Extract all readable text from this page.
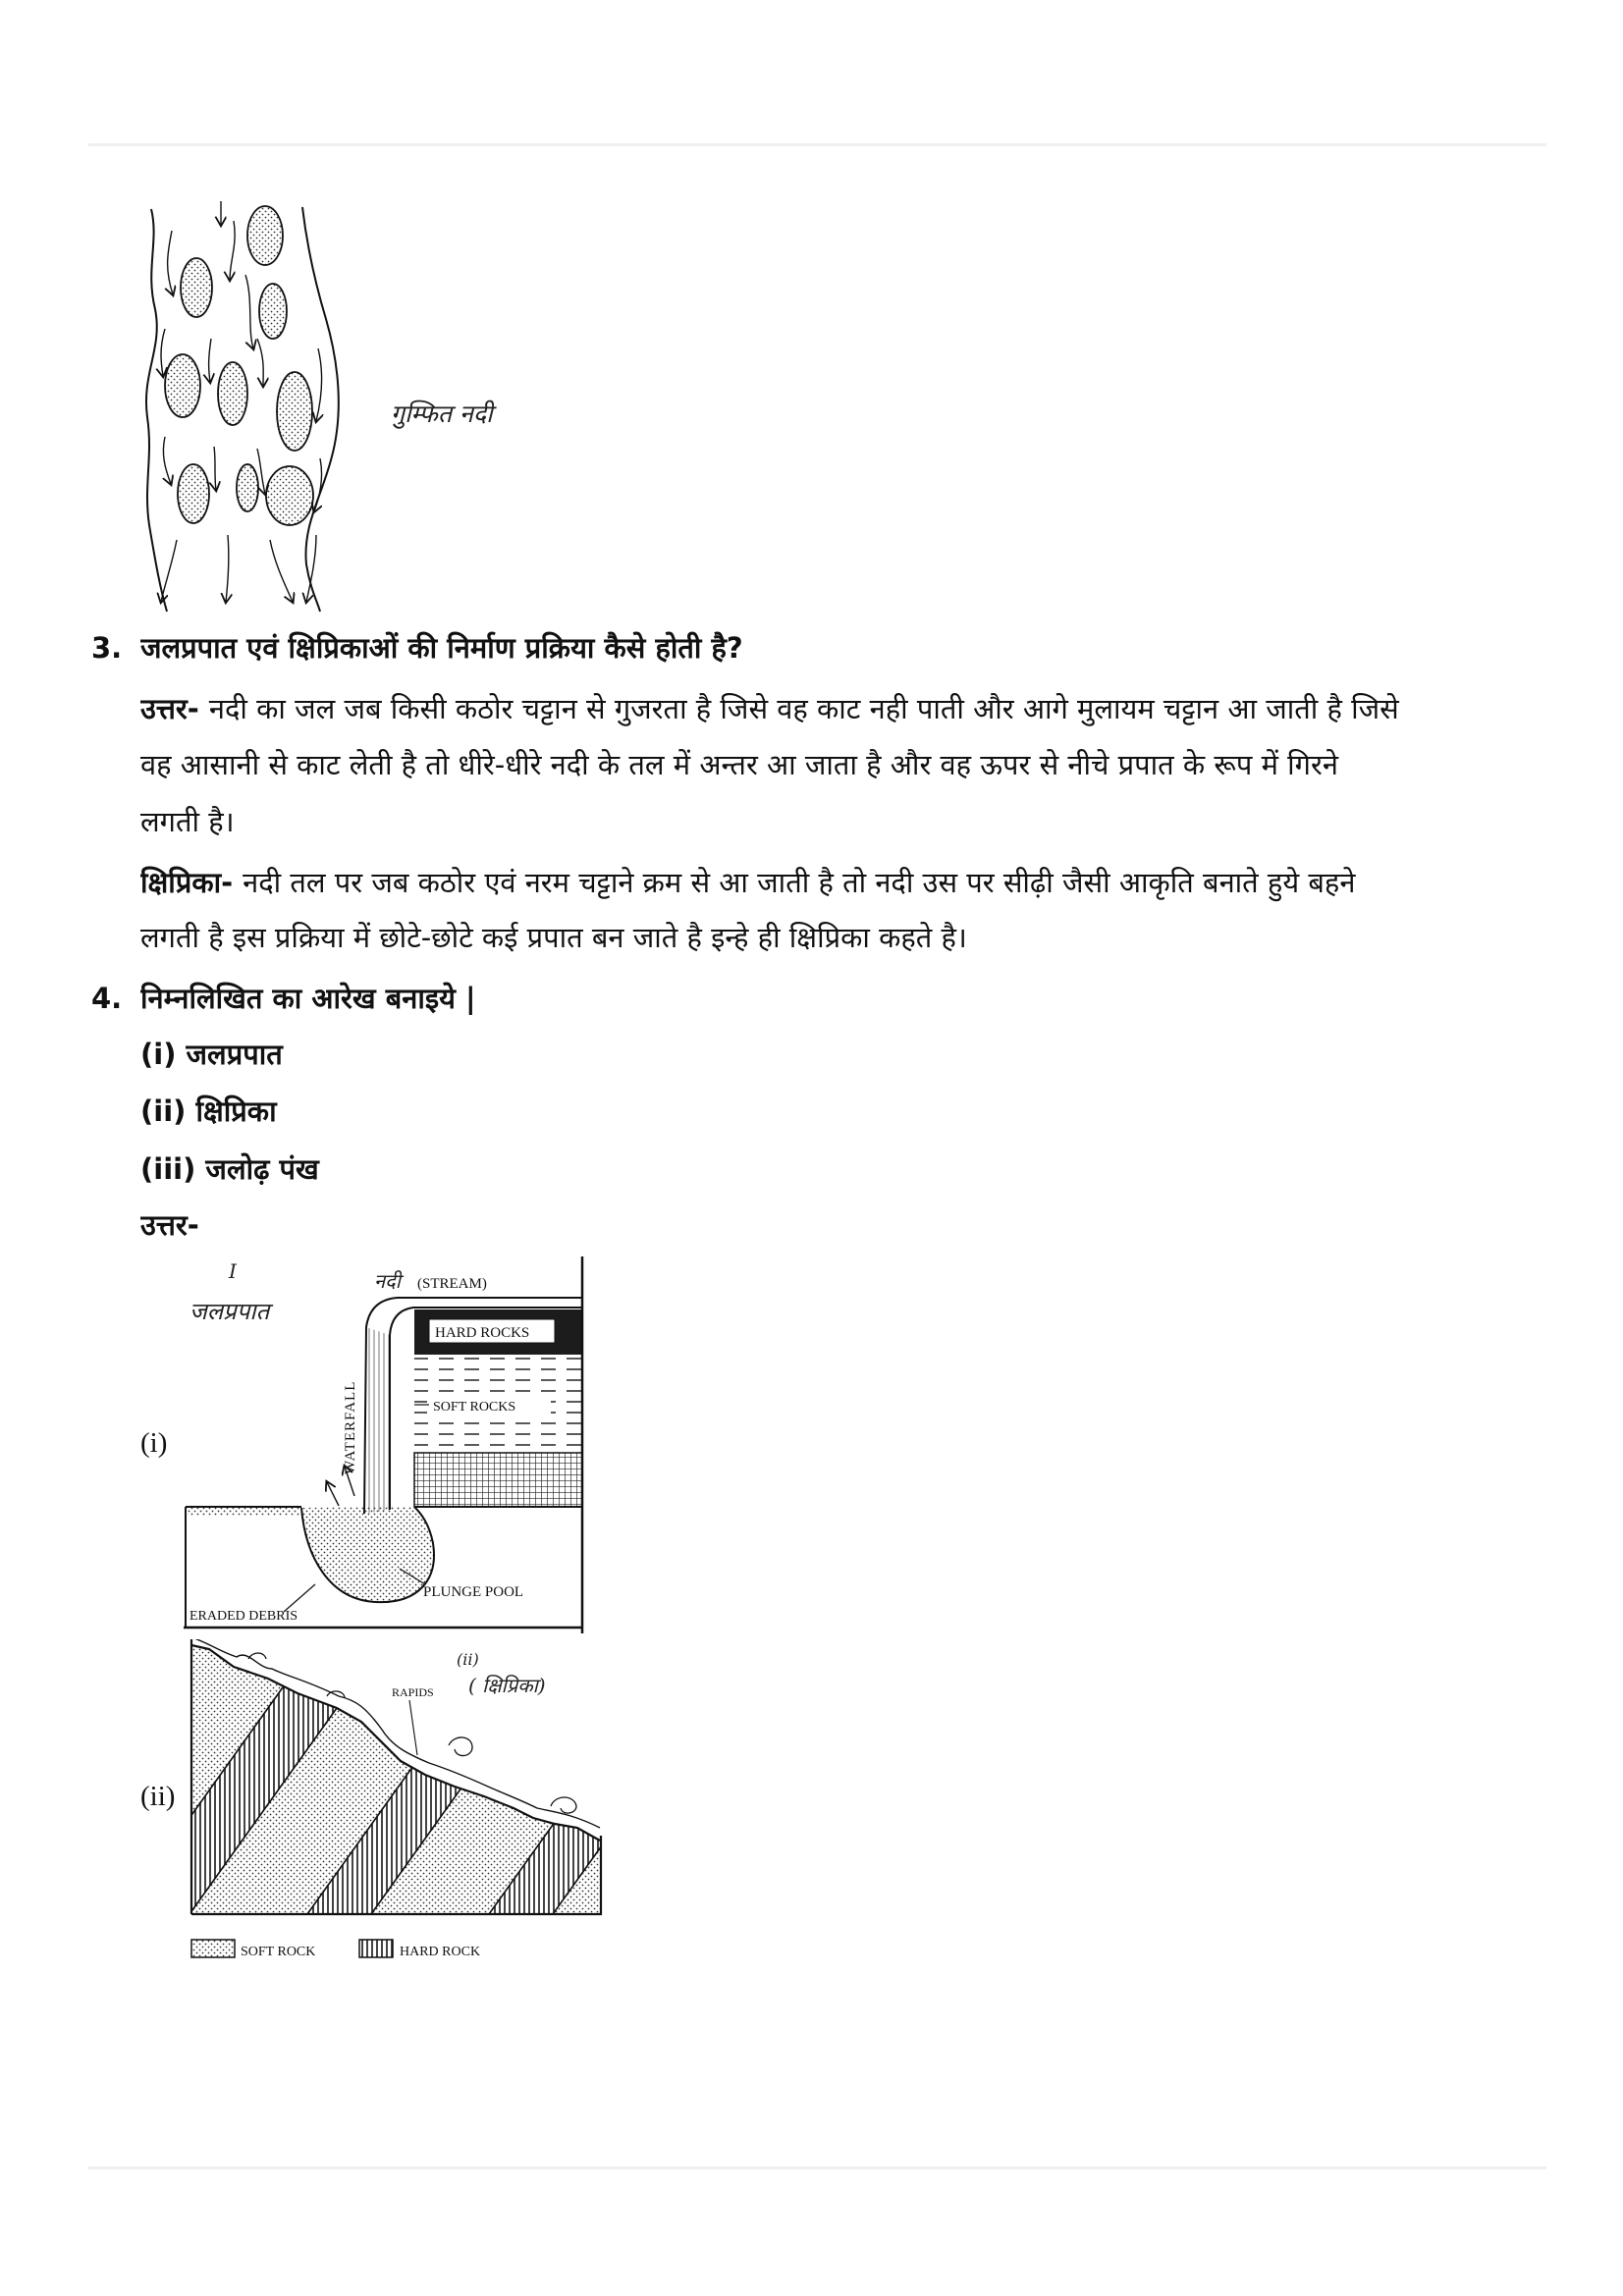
गुम्फित नदी
3. जलप्रपात एवं क्षिप्रिकाओं की निर्माण प्रक्रिया कैसे होती है?
उत्तर- नदी का जल जब किसी कठोर चट्टान से गुजरता है जिसे वह काट नही पाती और आगे मुलायम चट्टान आ जाती है जिसे
वह आसानी से काट लेती है तो धीरे-धीरे नदी के तल में अन्तर आ जाता है और वह ऊपर से नीचे प्रपात के रूप में गिरने
लगती है।
क्षिप्रिका- नदी तल पर जब कठोर एवं नरम चट्टाने क्रम से आ जाती है तो नदी उस पर सीढ़ी जैसी आकृति बनाते हुये बहने
लगती है इस प्रक्रिया में छोटे-छोटे कई प्रपात बन जाते है इन्हे ही क्षिप्रिका कहते है।
4. निम्नलिखित का आरेख बनाइये |
(i) जलप्रपात
(ii) क्षिप्रिका
(iii) जलोढ़ पंख
उत्तर-
(i)
I
जलप्रपात
नदी (STREAM)
HARD ROCKS
SOFT ROCKS
WATERFALL
PLUNGE POOL
ERADED DEBRIS
(ii)
RAPIDS
(ii)
( क्षिप्रिका)
SOFT ROCK	HARD ROCK
